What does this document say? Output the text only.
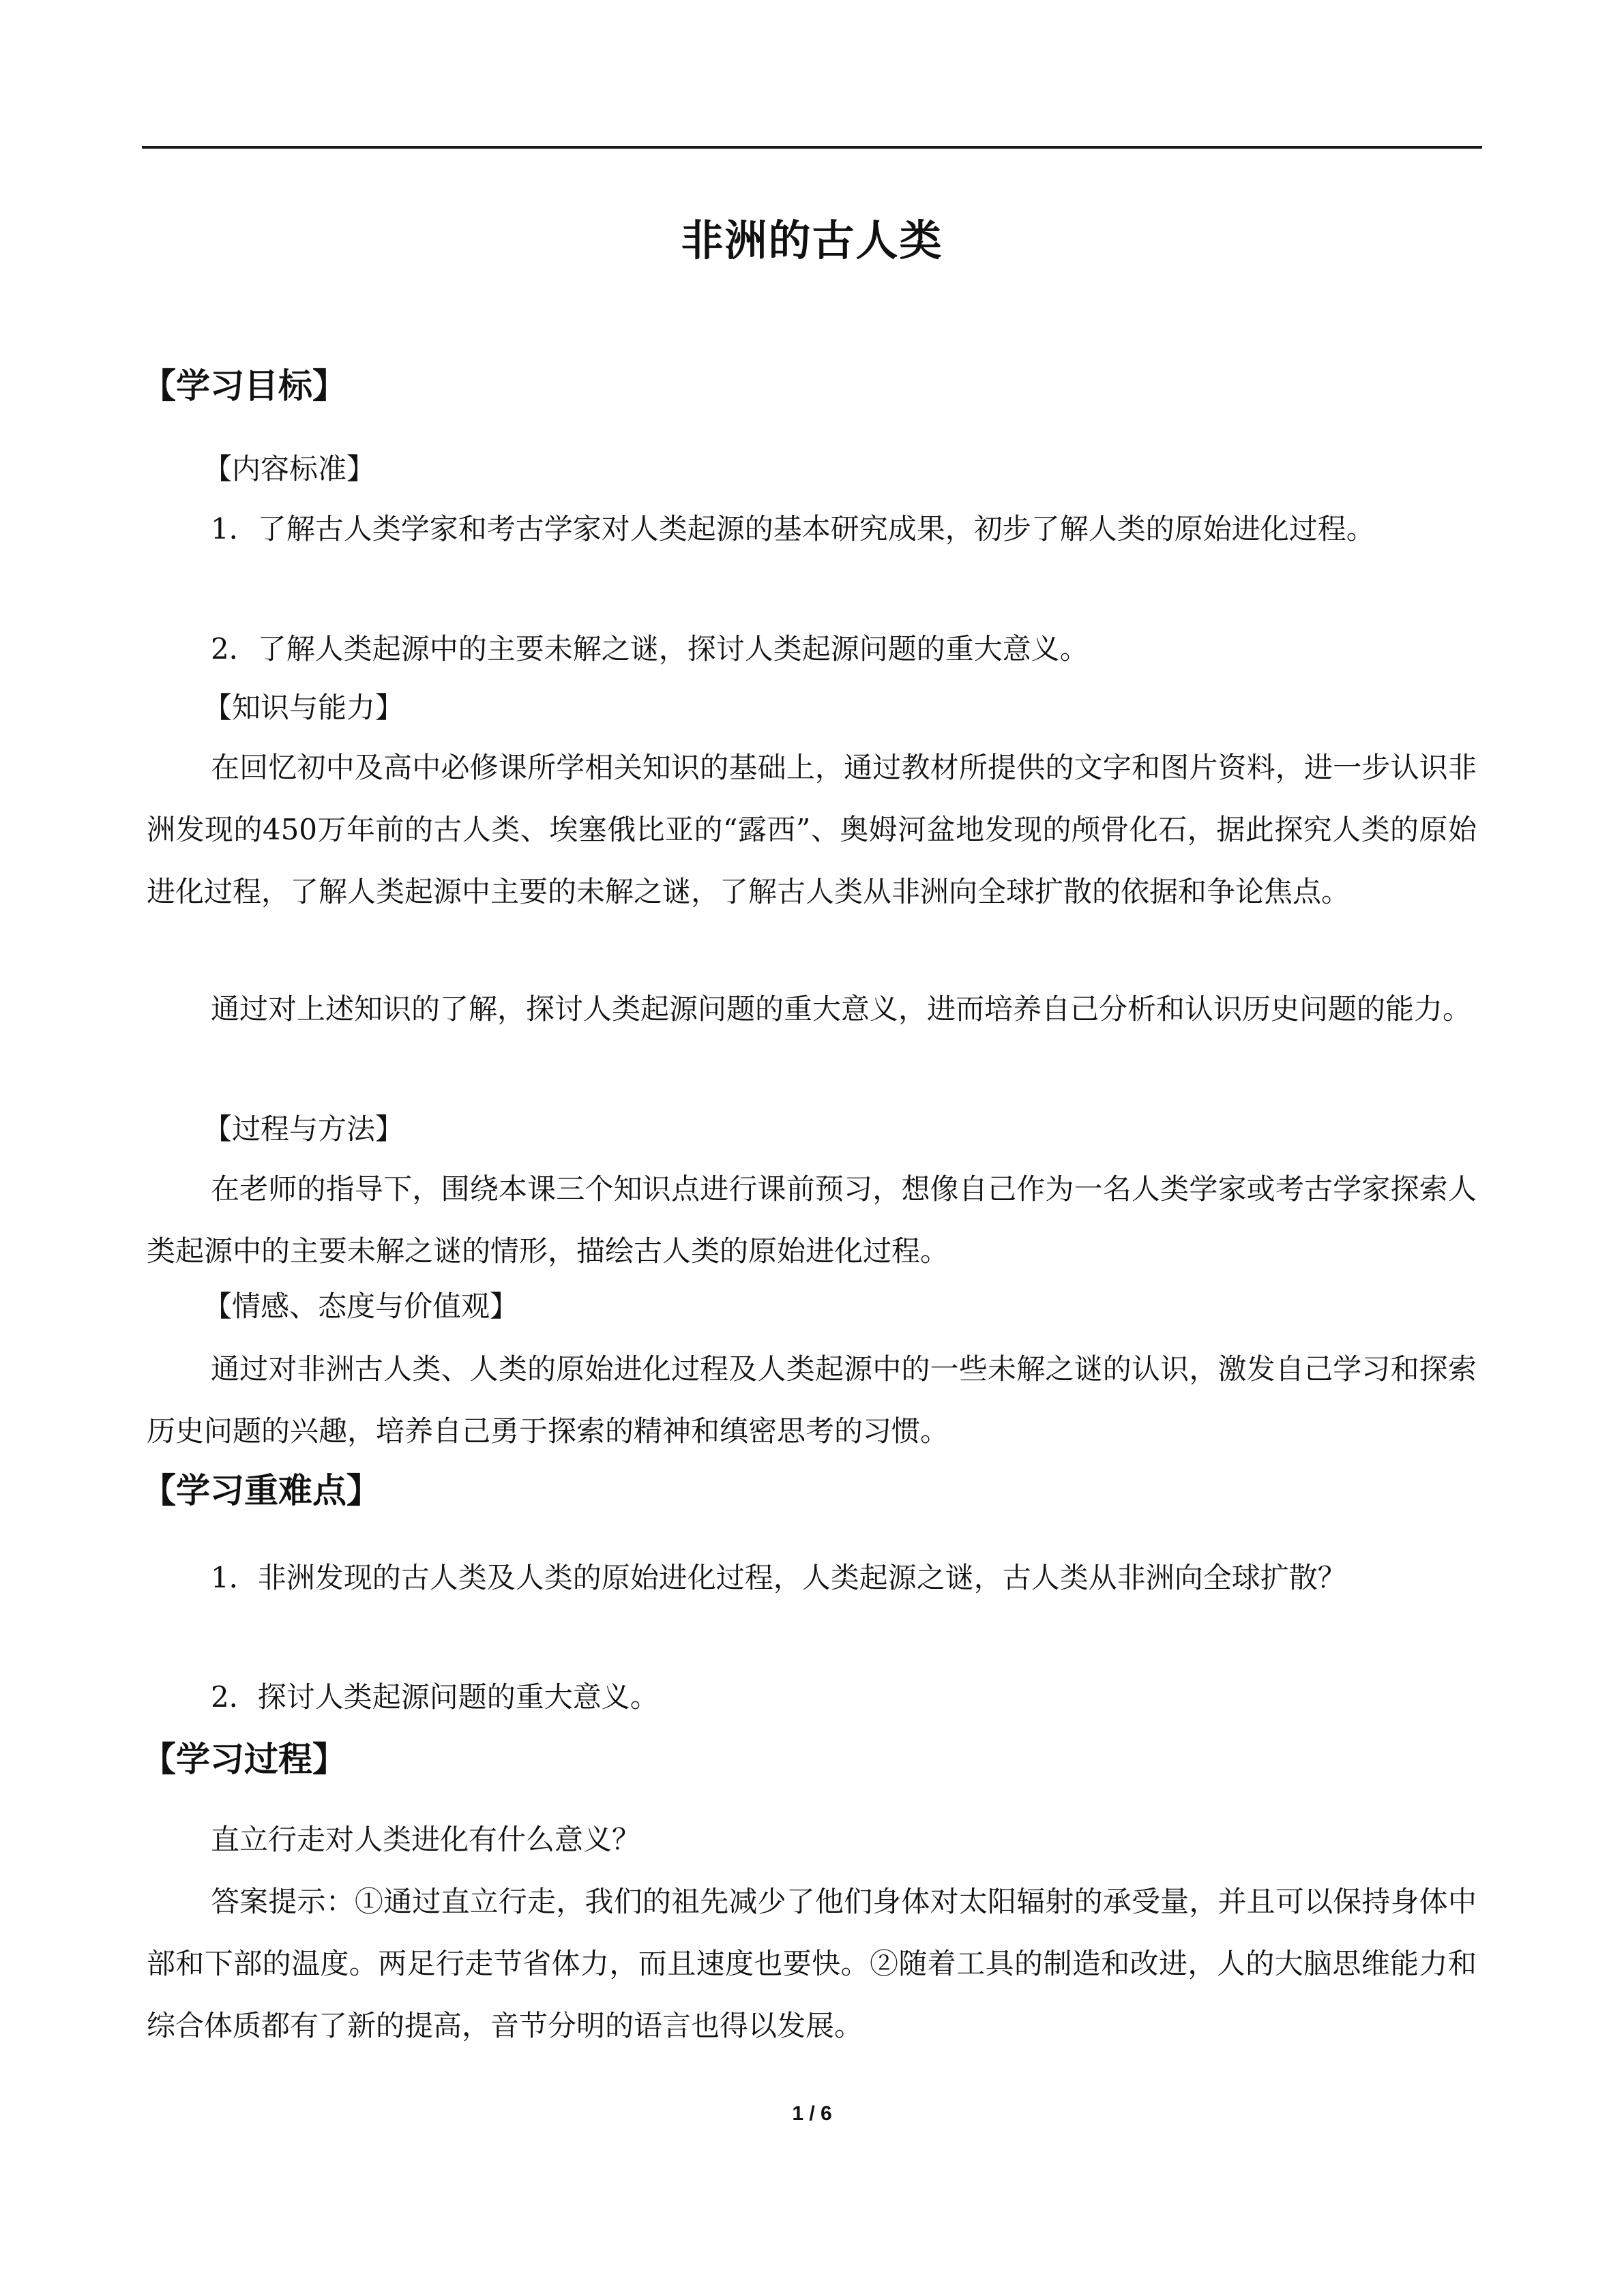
非洲的古人类
【学习目标】
【内容标准】
1．了解古人类学家和考古学家对人类起源的基本研究成果，初步了解人类的原始进化过程。
2．了解人类起源中的主要未解之谜，探讨人类起源问题的重大意义。
【知识与能力】
在回忆初中及高中必修课所学相关知识的基础上，通过教材所提供的文字和图片资料，进一步认识非洲发现的450万年前的古人类、埃塞俄比亚的“露西”、奥姆河盆地发现的颅骨化石，据此探究人类的原始进化过程，了解人类起源中主要的未解之谜，了解古人类从非洲向全球扩散的依据和争论焦点。
通过对上述知识的了解，探讨人类起源问题的重大意义，进而培养自己分析和认识历史问题的能力。
【过程与方法】
在老师的指导下，围绕本课三个知识点进行课前预习，想像自己作为一名人类学家或考古学家探索人类起源中的主要未解之谜的情形，描绘古人类的原始进化过程。
【情感、态度与价值观】
通过对非洲古人类、人类的原始进化过程及人类起源中的一些未解之谜的认识，激发自己学习和探索历史问题的兴趣，培养自己勇于探索的精神和缜密思考的习惯。
【学习重难点】
1．非洲发现的古人类及人类的原始进化过程，人类起源之谜，古人类从非洲向全球扩散？
2．探讨人类起源问题的重大意义。
【学习过程】
直立行走对人类进化有什么意义？
答案提示：①通过直立行走，我们的祖先减少了他们身体对太阳辐射的承受量，并且可以保持身体中部和下部的温度。两足行走节省体力，而且速度也要快。②随着工具的制造和改进，人的大脑思维能力和综合体质都有了新的提高，音节分明的语言也得以发展。
1 / 6
